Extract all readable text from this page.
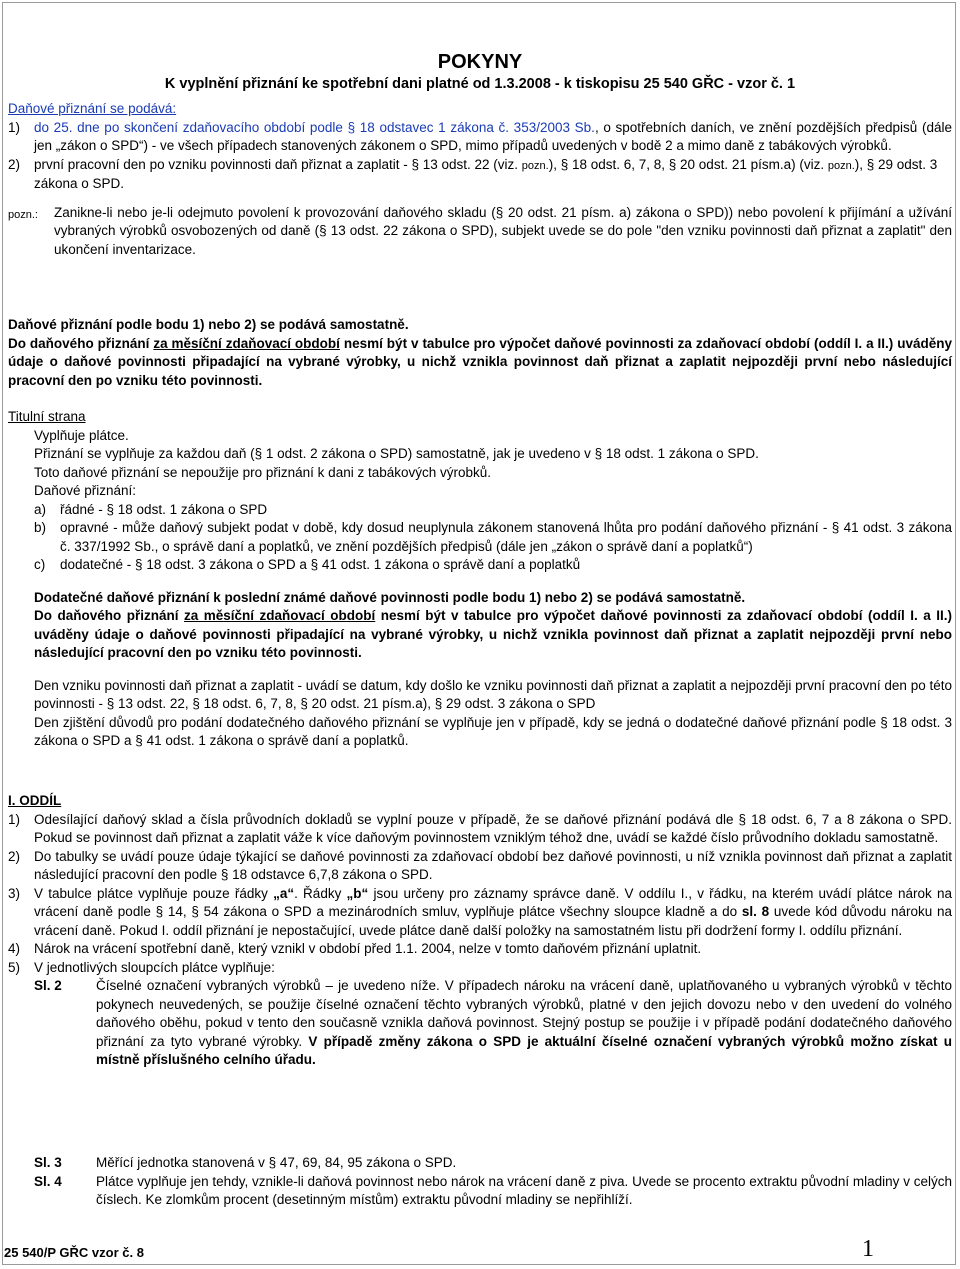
POKYNY
K vyplnění přiznání ke spotřební dani platné od 1.3.2008 - k tiskopisu 25 540 GŘC - vzor č. 1
Daňové přiznání se podává:
1)	do 25. dne po skončení zdaňovacího období podle § 18 odstavec 1 zákona č. 353/2003 Sb., o spotřebních daních, ve znění pozdějších předpisů (dále jen „zákon o SPD“) - ve všech případech stanovených zákonem o SPD, mimo případů uvedených v bodě 2 a mimo daně z tabákových výrobků.
2)	první pracovní den po vzniku povinnosti daň přiznat a zaplatit - § 13 odst. 22 (viz. pozn.), § 18 odst. 6, 7, 8, § 20 odst. 21 písm.a) (viz. pozn.), § 29 odst. 3 zákona o SPD.
pozn.:	Zanikne-li nebo je-li odejmuto povolení k provozování daňového skladu (§ 20 odst. 21 písm. a) zákona o SPD)) nebo povolení k přijímání a užívání vybraných výrobků osvobozených od daně (§ 13 odst. 22 zákona o SPD), subjekt uvede se do pole "den vzniku povinnosti daň přiznat a zaplatit" den ukončení inventarizace.
Daňové přiznání podle bodu 1) nebo 2) se podává samostatně.
Do daňového přiznání za měsíční zdaňovací období nesmí být v tabulce pro výpočet daňové povinnosti za zdaňovací období (oddíl I. a II.) uváděny údaje o daňové povinnosti připadající na vybrané výrobky, u nichž vznikla povinnost daň přiznat a zaplatit nejpozději první nebo následující pracovní den po vzniku této povinnosti.
Titulní strana
Vyplňuje plátce.
Přiznání se vyplňuje za každou daň (§ 1 odst. 2 zákona o SPD) samostatně, jak je uvedeno v § 18 odst. 1 zákona o SPD.
Toto daňové přiznání se nepoužije pro přiznání k dani z tabákových výrobků.
Daňové přiznání:
a)	řádné - § 18 odst. 1 zákona o SPD
b)	opravné - může daňový subjekt podat v době, kdy dosud neuplynula zákonem stanovená lhůta pro podání daňového přiznání - § 41 odst. 3 zákona č. 337/1992 Sb., o správě daní a poplatků, ve znění pozdějších předpisů (dále jen „zákon o správě daní a poplatků“)
c)	dodatečné - § 18 odst. 3 zákona o SPD a § 41 odst. 1 zákona o správě daní a poplatků
Dodatečné daňové přiznání k poslední známé daňové povinnosti podle bodu 1) nebo 2) se podává samostatně.
Do daňového přiznání za měsíční zdaňovací období nesmí být v tabulce pro výpočet daňové povinnosti za zdaňovací období (oddíl I. a II.) uváděny údaje o daňové povinnosti připadající na vybrané výrobky, u nichž vznikla povinnost daň přiznat a zaplatit nejpozději první nebo následující pracovní den po vzniku této povinnosti.
Den vzniku povinnosti daň přiznat a zaplatit - uvádí se datum, kdy došlo ke vzniku povinnosti daň přiznat a zaplatit a nejpozději první pracovní den po této povinnosti - § 13 odst. 22, § 18 odst. 6, 7, 8, § 20 odst. 21 písm.a), § 29 odst. 3 zákona o SPD
Den zjištění důvodů pro podání dodatečného daňového přiznání se vyplňuje jen v případě, kdy se jedná o dodatečné daňové přiznání podle § 18 odst. 3 zákona o SPD a § 41 odst. 1 zákona o správě daní a poplatků.
I. ODDÍL
1)	Odesílající daňový sklad a čísla průvodních dokladů se vyplní pouze v případě, že se daňové přiznání podává dle § 18 odst. 6, 7 a 8 zákona o SPD. Pokud se povinnost daň přiznat a zaplatit váže k více daňovým povinnostem vzniklým téhož dne, uvádí se každé číslo průvodního dokladu samostatně.
2)	Do tabulky se uvádí pouze údaje týkající se daňové povinnosti za zdaňovací období bez daňové povinnosti, u níž vznikla povinnost daň přiznat a zaplatit následující pracovní den podle § 18 odstavce 6,7,8 zákona o SPD.
3)	V tabulce plátce vyplňuje pouze řádky „a“. Řádky „b“ jsou určeny pro záznamy správce daně. V oddílu I., v řádku, na kterém uvádí plátce nárok na vrácení daně podle § 14, § 54 zákona o SPD a mezinárodních smluv, vyplňuje plátce všechny sloupce kladně a do sl. 8 uvede kód důvodu nároku na vrácení daně. Pokud I. oddíl přiznání je nepostačující, uvede plátce daně další položky na samostatném listu při dodržení formy I. oddílu přiznání.
4)	Nárok na vrácení spotřební daně, který vznikl v období před 1.1. 2004, nelze v tomto daňovém přiznání uplatnit.
5)	V jednotlivých sloupcích plátce vyplňuje:
Sl. 2	Číselné označení vybraných výrobků – je uvedeno níže. V případech nároku na vrácení daně, uplatňovaného u vybraných výrobků v těchto pokynech neuvedených, se použije číselné označení těchto vybraných výrobků, platné v den jejich dovozu nebo v den uvedení do volného daňového oběhu, pokud v tento den současně vznikla daňová povinnost. Stejný postup se použije i v případě podání dodatečného daňového přiznání za tyto vybrané výrobky. V případě změny zákona o SPD je aktuální číselné označení vybraných výrobků možno získat u místně příslušného celního úřadu.
Sl. 3	Měřící jednotka stanovená v § 47, 69, 84, 95 zákona o SPD.
Sl. 4	Plátce vyplňuje jen tehdy, vznikle-li daňová povinnost nebo nárok na vrácení daně z piva. Uvede se procento extraktu původní mladiny v celých číslech. Ke zlomkům procent (desetinným místům) extraktu původní mladiny se nepřihlíží.
25 540/P GŘC vzor č. 8	1
